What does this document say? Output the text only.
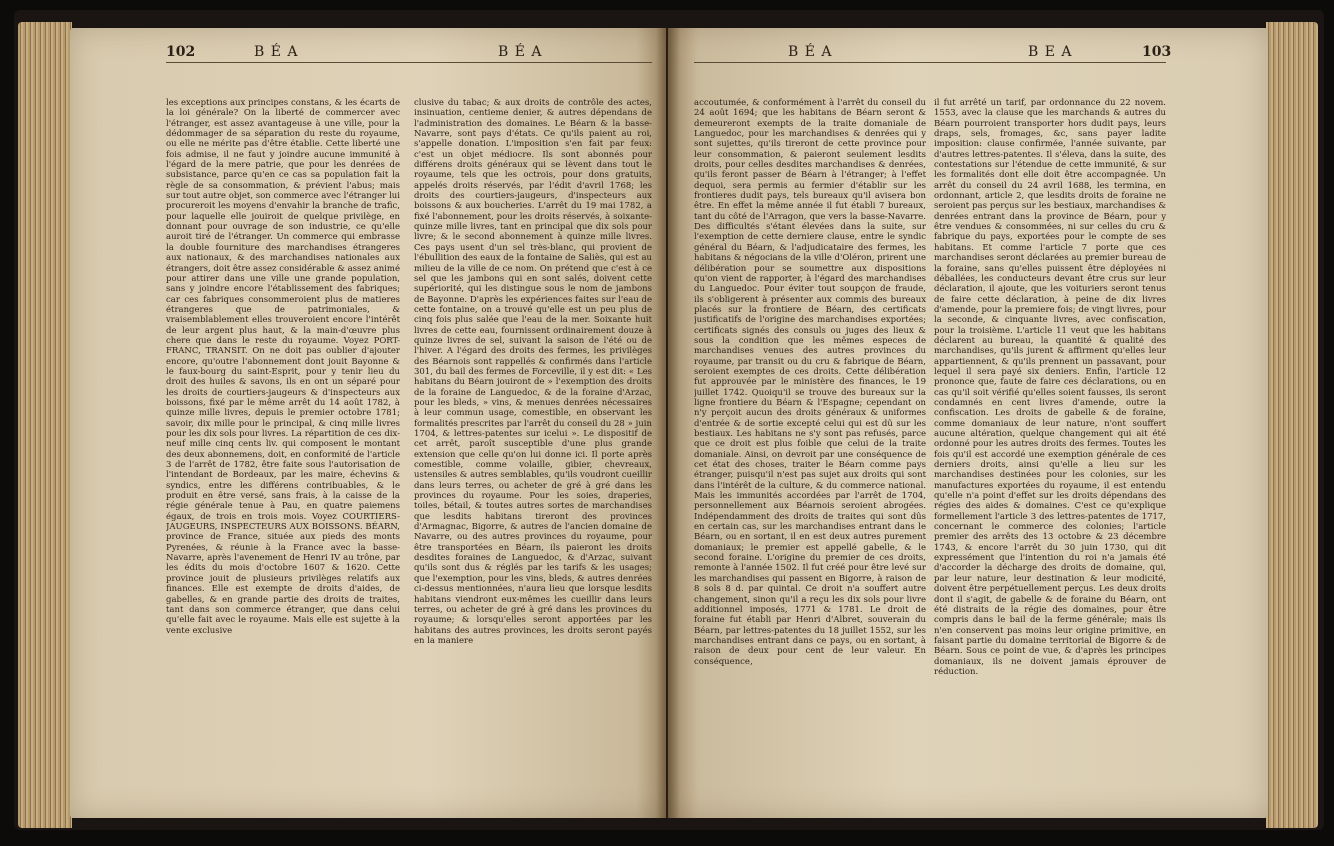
102	B É A	B É A	B É A	B E A	103

les exceptions aux principes constans, & les écarts de la loi générale? On la liberté de commercer avec l'étranger, est assez avantageuse à une ville, pour la dédommager de sa séparation du reste du royaume, ou elle ne mérite pas d'être établie. Cette liberté une fois admise, il ne faut y joindre aucune immunité à l'égard de la mere patrie, que pour les denrées de subsistance, parce qu'en ce cas sa population fait la règle de sa consommation, & prévient l'abus; mais sur tout autre objet, son commerce avec l'étranger lui procureroit les moyens d'envahir la branche de trafic, pour laquelle elle jouiroit de quelque privilège, en donnant pour ouvrage de son industrie, ce qu'elle auroit tiré de l'étranger. Un commerce qui embrasse la double fourniture des marchandises étrangeres aux nationaux, & des marchandises nationales aux étrangers, doit être assez considérable & assez animé pour attirer dans une ville une grande population, sans y joindre encore l'établissement des fabriques; car ces fabriques consommeroient plus de matieres étrangeres que de patrimoniales, & vraisemblablement elles trouveroient encore l'intérêt de leur argent plus haut, & la main-d'œuvre plus chere que dans le reste du royaume. Voyez PORT-FRANC, TRANSIT. On ne doit pas oublier d'ajouter encore, qu'outre l'abonnement dont jouit Bayonne & le faux-bourg du saint-Esprit, pour y tenir lieu du droit des huiles & savons, ils en ont un séparé pour les droits de courtiers-jaugeurs & d'inspecteurs aux boissons, fixé par le même arrêt du 14 août 1782, à quinze mille livres, depuis le premier octobre 1781; savoir, dix mille pour le principal, & cinq mille livres pour les dix sols pour livres. La répartition de ces dix-neuf mille cinq cents liv. qui composent le montant des deux abonnemens, doit, en conformité de l'article 3 de l'arrêt de 1782, être faite sous l'autorisation de l'intendant de Bordeaux, par les maire, échevins & syndics, entre les différens contribuables, & le produit en être versé, sans frais, à la caisse de la régie générale tenue à Pau, en quatre paiemens égaux, de trois en trois mois. Voyez COURTIERS-JAUGEURS, INSPECTEURS AUX BOISSONS. BÉARN, province de France, située aux pieds des monts Pyrenées, & réunie à la France avec la basse-Navarre, après l'avenement de Henri IV au trône, par les édits du mois d'octobre 1607 & 1620. Cette province jouit de plusieurs privilèges relatifs aux finances. Elle est exempte de droits d'aides, de gabelles, & en grande partie des droits de traites, tant dans son commerce étranger, que dans celui qu'elle fait avec le royaume. Mais elle est sujette à la vente exclusive

clusive du tabac; & aux droits de contrôle des actes, insinuation, centieme denier, & autres dépendans de l'administration des domaines. Le Béarn & la basse-Navarre, sont pays d'états. Ce qu'ils paient au roi, s'appelle donation. L'imposition s'en fait par feux: c'est un objet médiocre. Ils sont abonnés pour différens droits généraux qui se lèvent dans tout le royaume, tels que les octrois, pour dons gratuits, appelés droits réservés, par l'édit d'avril 1768; les droits des courtiers-jaugeurs, d'inspecteurs aux boissons & aux boucheries. L'arrêt du 19 mai 1782, a fixé l'abonnement, pour les droits réservés, à soixante-quinze mille livres, tant en principal que dix sols pour livre; & le second abonnement à quinze mille livres. Ces pays usent d'un sel très-blanc, qui provient de l'ébullition des eaux de la fontaine de Saliès, qui est au milieu de la ville de ce nom. On prétend que c'est à ce sel que les jambons qui en sont salés, doivent cette supériorité, qui les distingue sous le nom de jambons de Bayonne. D'après les expériences faites sur l'eau de cette fontaine, on a trouvé qu'elle est un peu plus de cinq fois plus salée que l'eau de la mer. Soixante huit livres de cette eau, fournissent ordinairement douze à quinze livres de sel, suivant la saison de l'été ou de l'hiver. A l'égard des droits des fermes, les privilèges des Béarnois sont rappellés & confirmés dans l'article 301, du bail des fermes de Forceville, il y est dit: « Les habitans du Béarn jouiront de » l'exemption des droits de la foraine de Languedoc, & de la foraine d'Arzac, pour les bleds, » vins, & menues denrées nécessaires à leur commun usage, comestible, en observant les formalités prescrites par l'arrêt du conseil du 28 » juin 1704, & lettres-patentes sur icelui ». Le dispositif de cet arrêt, paroît susceptible d'une plus grande extension que celle qu'on lui donne ici. Il porte après comestible, comme volaille, gibier, chevreaux, ustensiles & autres semblables, qu'ils voudront cueillir dans leurs terres, ou acheter de gré à gré dans les provinces du royaume. Pour les soies, draperies, toiles, bétail, & toutes autres sortes de marchandises que lesdits habitans tireront des provinces d'Armagnac, Bigorre, & autres de l'ancien domaine de Navarre, ou des autres provinces du royaume, pour être transportées en Béarn, ils paieront les droits desdites foraines de Languedoc, & d'Arzac, suivant qu'ils sont dus & réglés par les tarifs & les usages; que l'exemption, pour les vins, bleds, & autres denrées ci-dessus mentionnées, n'aura lieu que lorsque lesdits habitans viendront eux-mêmes les cueillir dans leurs terres, ou acheter de gré à gré dans les provinces du royaume; & lorsqu'elles seront apportées par les habitans des autres provinces, les droits seront payés en la maniere

accoutumée, & conformément à l'arrêt du conseil du 24 août 1694; que les habitans de Béarn seront & demeureront exempts de la traite domaniale de Languedoc, pour les marchandises & denrées qui y sont sujettes, qu'ils tireront de cette province pour leur consommation, & paieront seulement lesdits droits, pour celles desdites marchandises & denrées, qu'ils feront passer de Béarn à l'étranger; à l'effet dequoi, sera permis au fermier d'établir sur les frontieres dudit pays, tels bureaux qu'il avisera bon être. En effet la même année il fut établi 7 bureaux, tant du côté de l'Arragon, que vers la basse-Navarre. Des difficultés s'étant élevées dans la suite, sur l'exemption de cette derniere clause, entre le syndic général du Béarn, & l'adjudicataire des fermes, les habitans & négocians de la ville d'Oléron, prirent une délibération pour se soumettre aux dispositions qu'on vient de rapporter, à l'égard des marchandises du Languedoc. Pour éviter tout soupçon de fraude, ils s'obligerent à présenter aux commis des bureaux placés sur la frontiere de Béarn, des certificats justificatifs de l'origine des marchandises exportées; certificats signés des consuls ou juges des lieux & sous la condition que les mêmes especes de marchandises venues des autres provinces du royaume, par transit ou du cru & fabrique de Béarn, seroient exemptes de ces droits. Cette délibération fut approuvée par le ministère des finances, le 19 juillet 1742. Quoiqu'il se trouve des bureaux sur la ligne frontiere du Béarn & l'Espagne; cependant on n'y perçoit aucun des droits généraux & uniformes d'entrée & de sortie excepté celui qui est dû sur les bestiaux. Les habitans ne s'y sont pas refusés, parce que ce droit est plus foible que celui de la traite domaniale. Ainsi, on devroit par une conséquence de cet état des choses, traiter le Béarn comme pays étranger, puisqu'il n'est pas sujet aux droits qui sont dans l'intérêt de la culture, & du commerce national. Mais les immunités accordées par l'arrêt de 1704, personnellement aux Béarnois seroient abrogées. Indépendamment des droits de traites qui sont dûs en certain cas, sur les marchandises entrant dans le Béarn, ou en sortant, il en est deux autres purement domaniaux; le premier est appellé gabelle, & le second foraine. L'origine du premier de ces droits, remonte à l'année 1502. Il fut créé pour être levé sur les marchandises qui passent en Bigorre, à raison de 8 sols 8 d. par quintal. Ce droit n'a souffert autre changement, sinon qu'il a reçu les dix sols pour livre additionnel imposés, 1771 & 1781. Le droit de foraine fut établi par Henri d'Albret, souverain du Béarn, par lettres-patentes du 18 juillet 1552, sur les marchandises entrant dans ce pays, ou en sortant, à raison de deux pour cent de leur valeur. En conséquence,

il fut arrêté un tarif, par ordonnance du 22 novem. 1553, avec la clause que les marchands & autres du Béarn pourroient transporter hors dudit pays, leurs draps, sels, fromages, &c, sans payer ladite imposition: clause confirmée, l'année suivante, par d'autres lettres-patentes. Il s'éleva, dans la suite, des contestations sur l'étendue de cette immunité, & sur les formalités dont elle doit être accompagnée. Un arrêt du conseil du 24 avril 1688, les termina, en ordonnant, article 2, que lesdits droits de foraine ne seroient pas perçus sur les bestiaux, marchandises & denrées entrant dans la province de Béarn, pour y être vendues & consommées, ni sur celles du cru & fabrique du pays, exportées pour le compte de ses habitans. Et comme l'article 7 porte que ces marchandises seront déclarées au premier bureau de la foraine, sans qu'elles puissent être déployées ni déballées, les conducteurs devant être crus sur leur déclaration, il ajoute, que les voituriers seront tenus de faire cette déclaration, à peine de dix livres d'amende, pour la premiere fois; de vingt livres, pour la seconde, & cinquante livres, avec confiscation, pour la troisième. L'article 11 veut que les habitans déclarent au bureau, la quantité & qualité des marchandises, qu'ils jurent & affirment qu'elles leur appartiennent, & qu'ils prennent un passavant, pour lequel il sera payé six deniers. Enfin, l'article 12 prononce que, faute de faire ces déclarations, ou en cas qu'il soit vérifié qu'elles soient fausses, ils seront condamnés en cent livres d'amende, outre la confiscation. Les droits de gabelle & de foraine, comme domaniaux de leur nature, n'ont souffert aucune altération, quelque changement qui ait été ordonné pour les autres droits des fermes. Toutes les fois qu'il est accordé une exemption générale de ces derniers droits, ainsi qu'elle a lieu sur les marchandises destinées pour les colonies, sur les manufactures exportées du royaume, il est entendu qu'elle n'a point d'effet sur les droits dépendans des régies des aides & domaines. C'est ce qu'explique formellement l'article 3 des lettres-patentes de 1717, concernant le commerce des colonies; l'article premier des arrêts des 13 octobre & 23 décembre 1743, & encore l'arrêt du 30 juin 1730, qui dit expressément que l'intention du roi n'a jamais été d'accorder la décharge des droits de domaine, qui, par leur nature, leur destination & leur modicité, doivent être perpétuellement perçus. Les deux droits dont il s'agit, de gabelle & de foraine du Béarn, ont été distraits de la régie des domaines, pour être compris dans le bail de la ferme générale; mais ils n'en conservent pas moins leur origine primitive, en faisant partie du domaine territorial de Bigorre & de Béarn. Sous ce point de vue, & d'après les principes domaniaux, ils ne doivent jamais éprouver de réduction.
